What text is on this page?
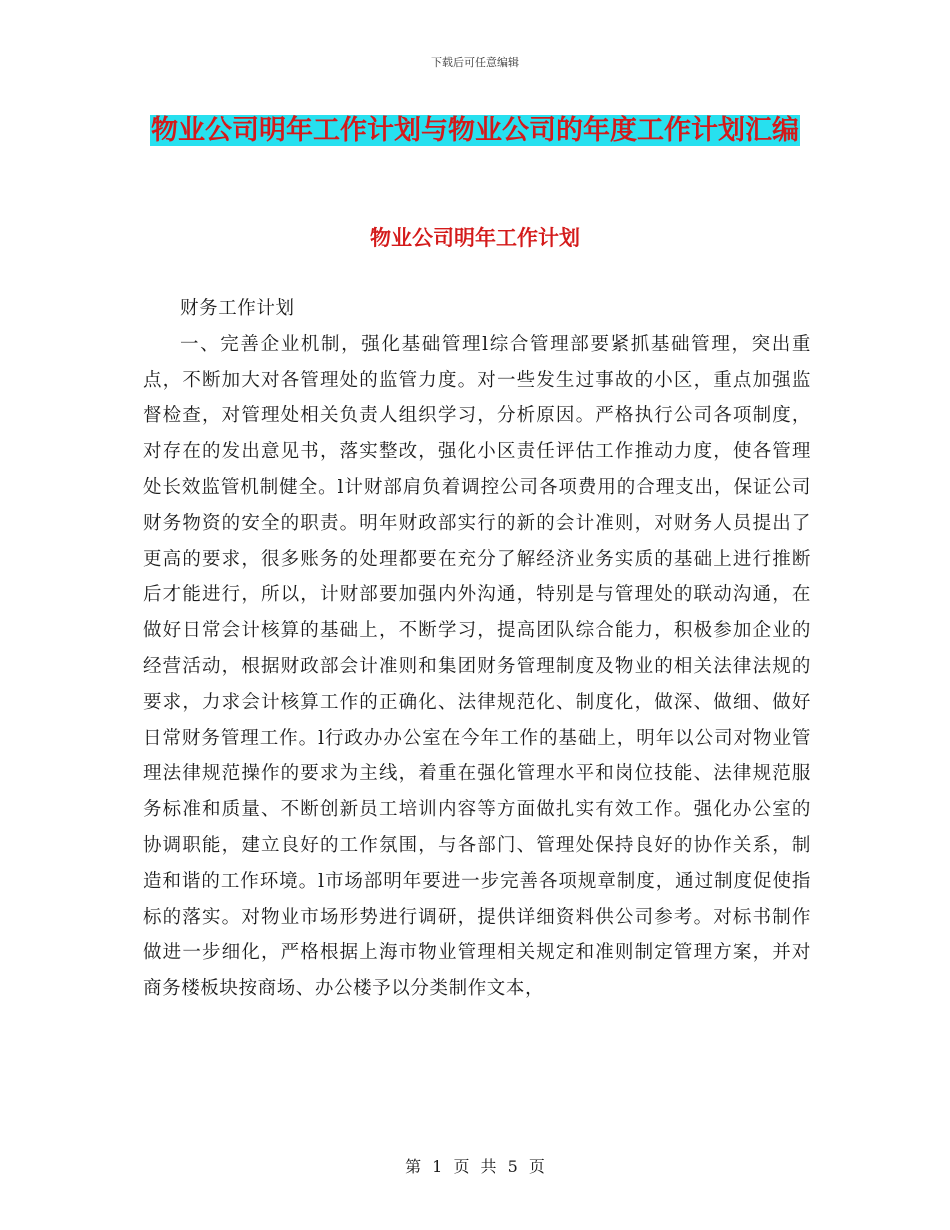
下载后可任意编辑
物业公司明年工作计划与物业公司的年度工作计划汇编
物业公司明年工作计划

财务工作计划

一、完善企业机制，强化基础管理l综合管理部要紧抓基础管理，突出重点，不断加大对各管理处的监管力度。对一些发生过事故的小区，重点加强监督检查，对管理处相关负责人组织学习，分析原因。严格执行公司各项制度，对存在的发出意见书，落实整改，强化小区责任评估工作推动力度，使各管理处长效监管机制健全。l计财部肩负着调控公司各项费用的合理支出，保证公司财务物资的安全的职责。明年财政部实行的新的会计准则，对财务人员提出了更高的要求，很多账务的处理都要在充分了解经济业务实质的基础上进行推断后才能进行，所以，计财部要加强内外沟通，特别是与管理处的联动沟通，在做好日常会计核算的基础上，不断学习，提高团队综合能力，积极参加企业的经营活动，根据财政部会计准则和集团财务管理制度及物业的相关法律法规的要求，力求会计核算工作的正确化、法律规范化、制度化，做深、做细、做好日常财务管理工作。l行政办办公室在今年工作的基础上，明年以公司对物业管理法律规范操作的要求为主线，着重在强化管理水平和岗位技能、法律规范服务标准和质量、不断创新员工培训内容等方面做扎实有效工作。强化办公室的协调职能，建立良好的工作氛围，与各部门、管理处保持良好的协作关系，制造和谐的工作环境。l市场部明年要进一步完善各项规章制度，通过制度促使指标的落实。对物业市场形势进行调研，提供详细资料供公司参考。对标书制作做进一步细化，严格根据上海市物业管理相关规定和准则制定管理方案，并对商务楼板块按商场、办公楼予以分类制作文本，

第 1 页 共 5 页
